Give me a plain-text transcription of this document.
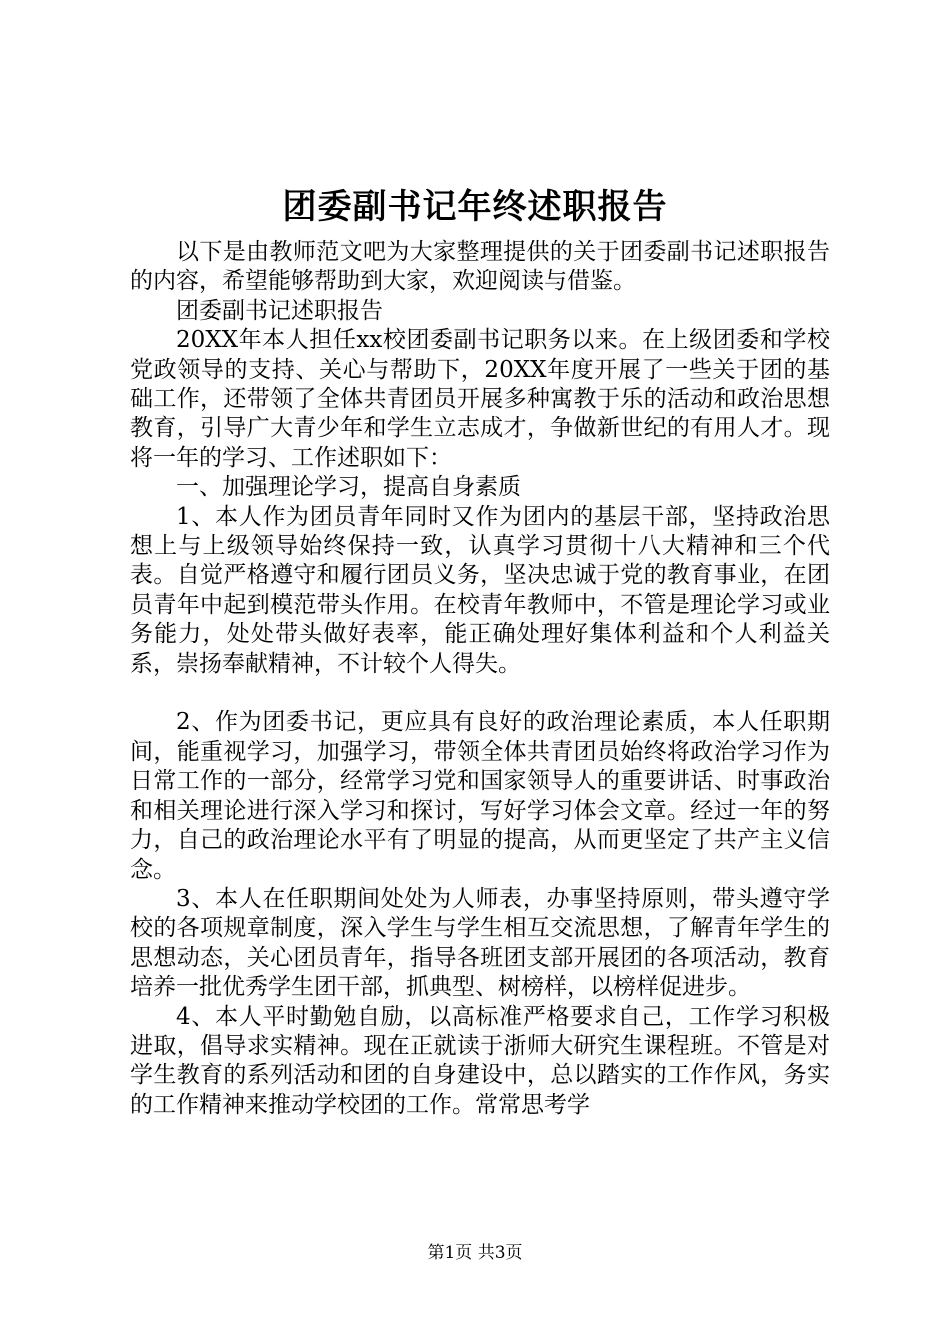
团委副书记年终述职报告

以下是由教师范文吧为大家整理提供的关于团委副书记述职报告的内容，希望能够帮助到大家，欢迎阅读与借鉴。

团委副书记述职报告

20XX年本人担任xx校团委副书记职务以来。在上级团委和学校党政领导的支持、关心与帮助下，20XX年度开展了一些关于团的基础工作，还带领了全体共青团员开展多种寓教于乐的活动和政治思想教育，引导广大青少年和学生立志成才，争做新世纪的有用人才。现将一年的学习、工作述职如下：

一、加强理论学习，提高自身素质

1、本人作为团员青年同时又作为团内的基层干部，坚持政治思想上与上级领导始终保持一致，认真学习贯彻十八大精神和三个代表。自觉严格遵守和履行团员义务，坚决忠诚于党的教育事业，在团员青年中起到模范带头作用。在校青年教师中，不管是理论学习或业务能力，处处带头做好表率，能正确处理好集体利益和个人利益关系，崇扬奉献精神，不计较个人得失。

2、作为团委书记，更应具有良好的政治理论素质，本人任职期间，能重视学习，加强学习，带领全体共青团员始终将政治学习作为日常工作的一部分，经常学习党和国家领导人的重要讲话、时事政治和相关理论进行深入学习和探讨，写好学习体会文章。经过一年的努力，自己的政治理论水平有了明显的提高，从而更坚定了共产主义信念。

3、本人在任职期间处处为人师表，办事坚持原则，带头遵守学校的各项规章制度，深入学生与学生相互交流思想，了解青年学生的思想动态，关心团员青年，指导各班团支部开展团的各项活动，教育培养一批优秀学生团干部，抓典型、树榜样，以榜样促进步。

4、本人平时勤勉自励，以高标准严格要求自己，工作学习积极进取，倡导求实精神。现在正就读于浙师大研究生课程班。不管是对学生教育的系列活动和团的自身建设中，总以踏实的工作作风，务实的工作精神来推动学校团的工作。常常思考学

第1页 共3页
